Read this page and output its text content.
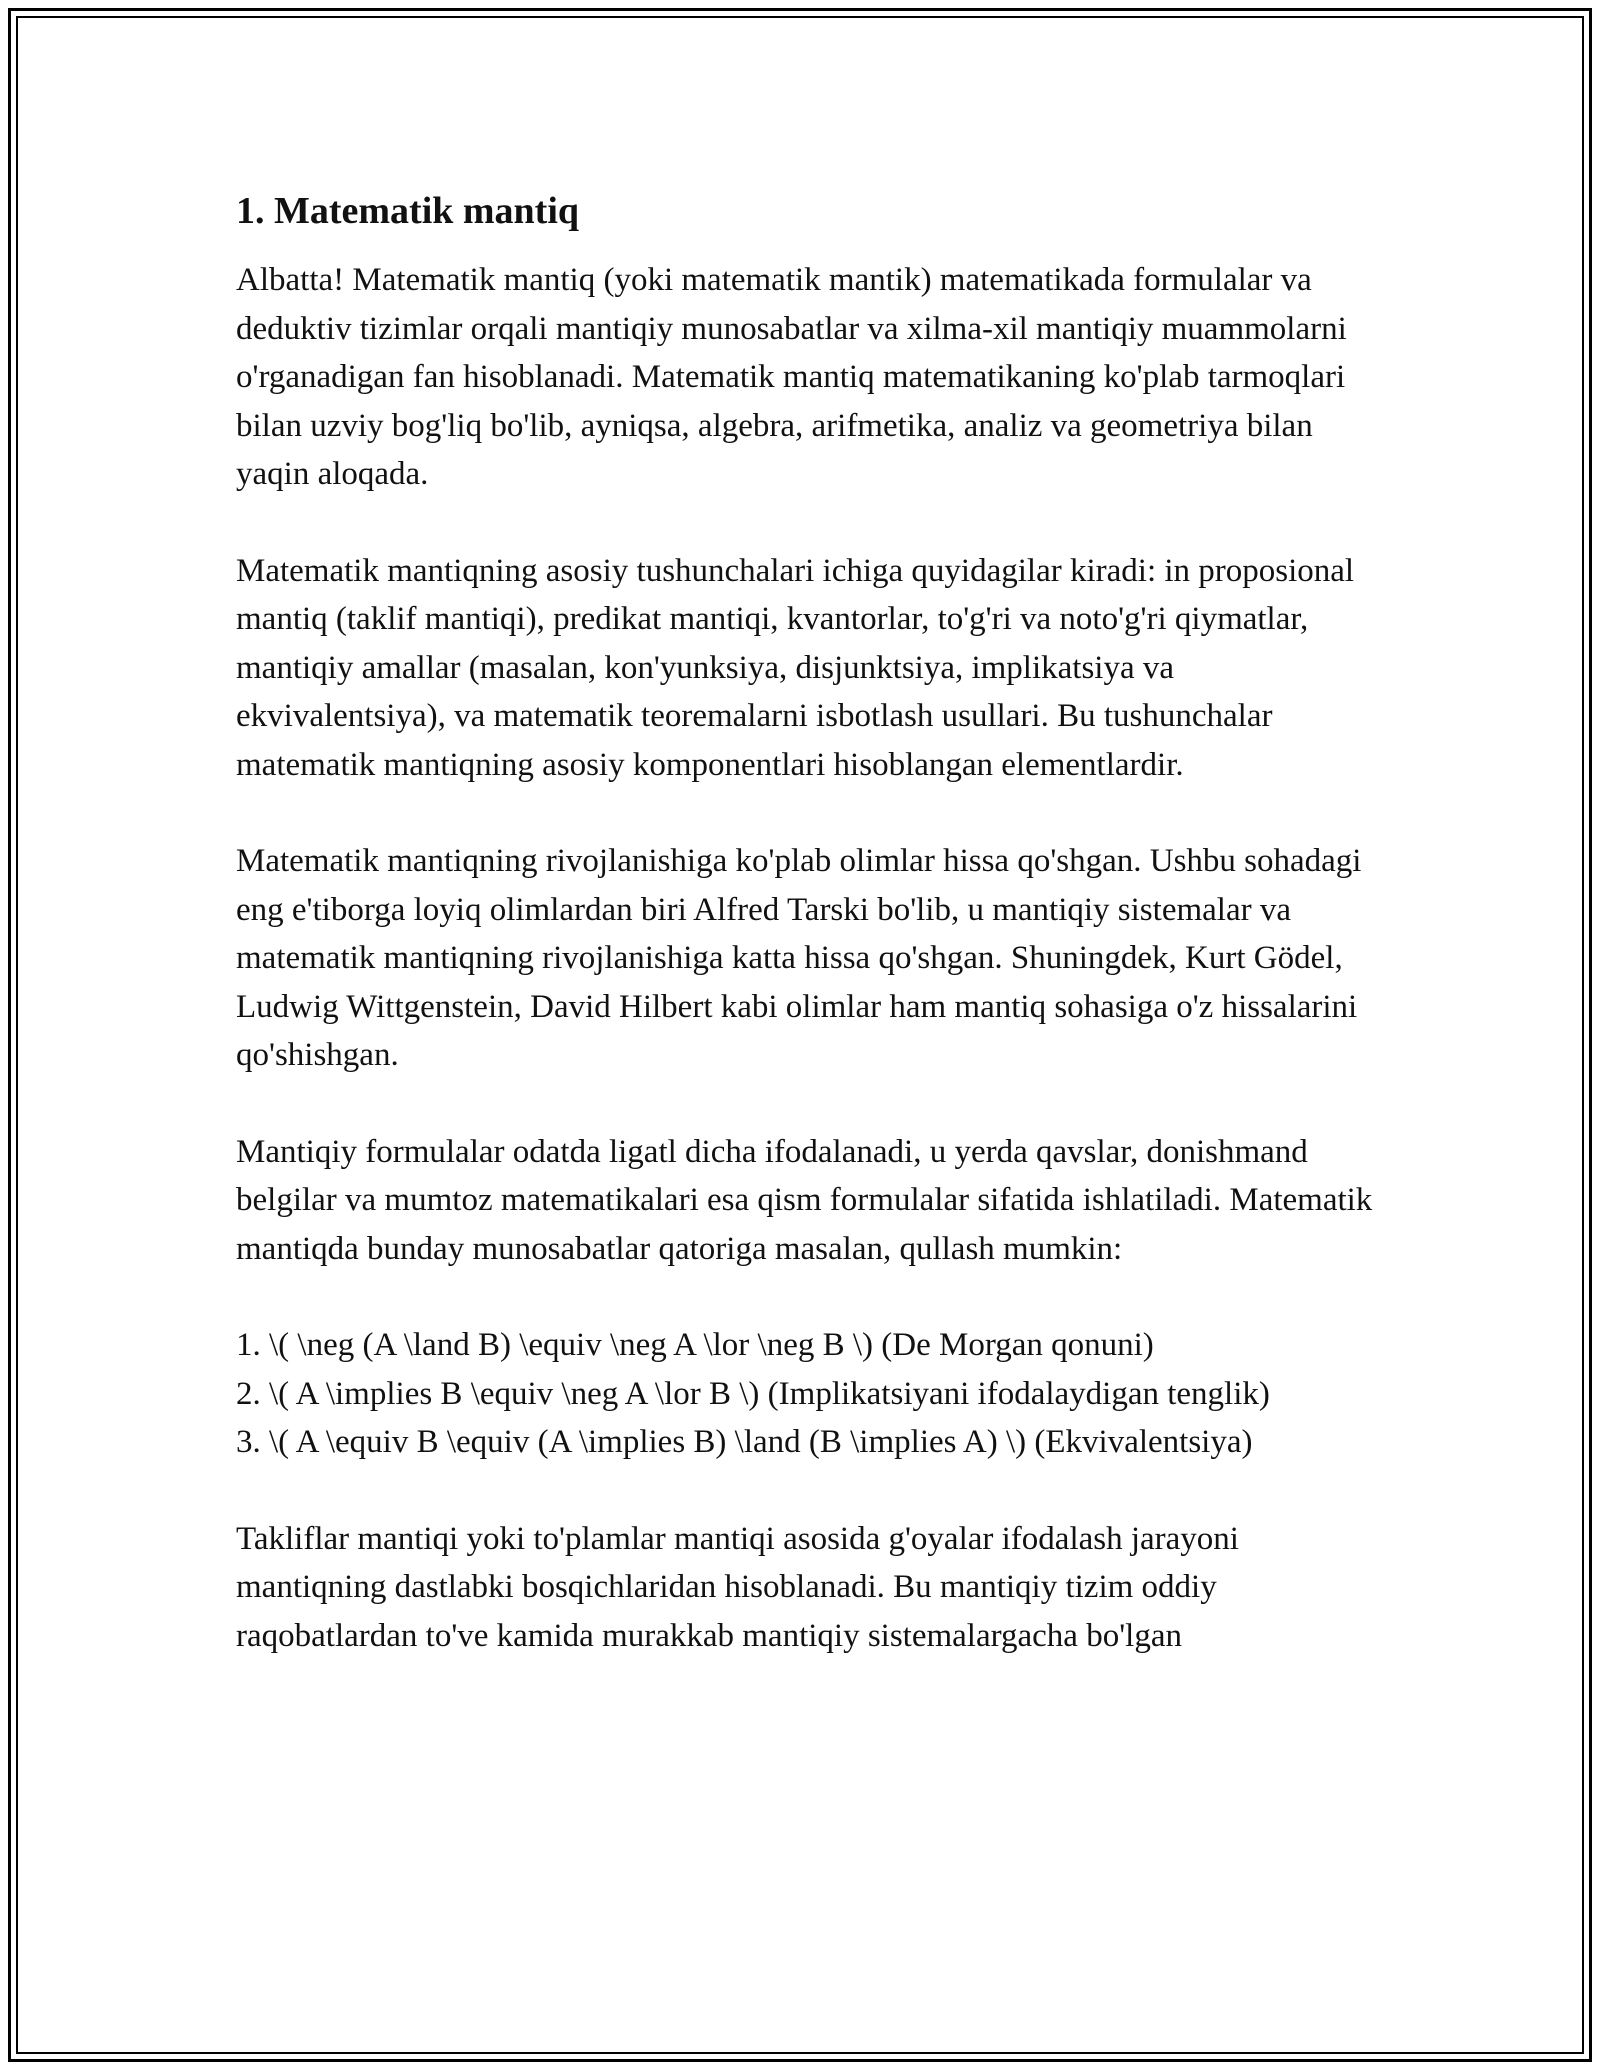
1. Matematik mantiq

Albatta! Matematik mantiq (yoki matematik mantik) matematikada formulalar va deduktiv tizimlar orqali mantiqiy munosabatlar va xilma-xil mantiqiy muammolarni o'rganadigan fan hisoblanadi. Matematik mantiq matematikaning ko'plab tarmoqlari bilan uzviy bog'liq bo'lib, ayniqsa, algebra, arifmetika, analiz va geometriya bilan yaqin aloqada.

Matematik mantiqning asosiy tushunchalari ichiga quyidagilar kiradi: in proposional mantiq (taklif mantiqi), predikat mantiqi, kvantorlar, to'g'ri va noto'g'ri qiymatlar, mantiqiy amallar (masalan, kon'yunksiya, disjunktsiya, implikatsiya va ekvivalentsiya), va matematik teoremalarni isbotlash usullari. Bu tushunchalar matematik mantiqning asosiy komponentlari hisoblangan elementlardir.

Matematik mantiqning rivojlanishiga ko'plab olimlar hissa qo'shgan. Ushbu sohadagi eng e'tiborga loyiq olimlardan biri Alfred Tarski bo'lib, u mantiqiy sistemalar va matematik mantiqning rivojlanishiga katta hissa qo'shgan. Shuningdek, Kurt Gödel, Ludwig Wittgenstein, David Hilbert kabi olimlar ham mantiq sohasiga o'z hissalarini qo'shishgan.

Mantiqiy formulalar odatda ligatl dicha ifodalanadi, u yerda qavslar, donishmand belgilar va mumtoz matematikalari esa qism formulalar sifatida ishlatiladi. Matematik mantiqda bunday munosabatlar qatoriga masalan, qullash mumkin:

1. \( \neg (A \land B) \equiv \neg A \lor \neg B \) (De Morgan qonuni)
2. \( A \implies B \equiv \neg A \lor B \) (Implikatsiyani ifodalaydigan tenglik)
3. \( A \equiv B \equiv (A \implies B) \land (B \implies A) \) (Ekvivalentsiya)

Takliflar mantiqi yoki to'plamlar mantiqi asosida g'oyalar ifodalash jarayoni mantiqning dastlabki bosqichlaridan hisoblanadi. Bu mantiqiy tizim oddiy raqobatlardan to've kamida murakkab mantiqiy sistemalargacha bo'lgan
